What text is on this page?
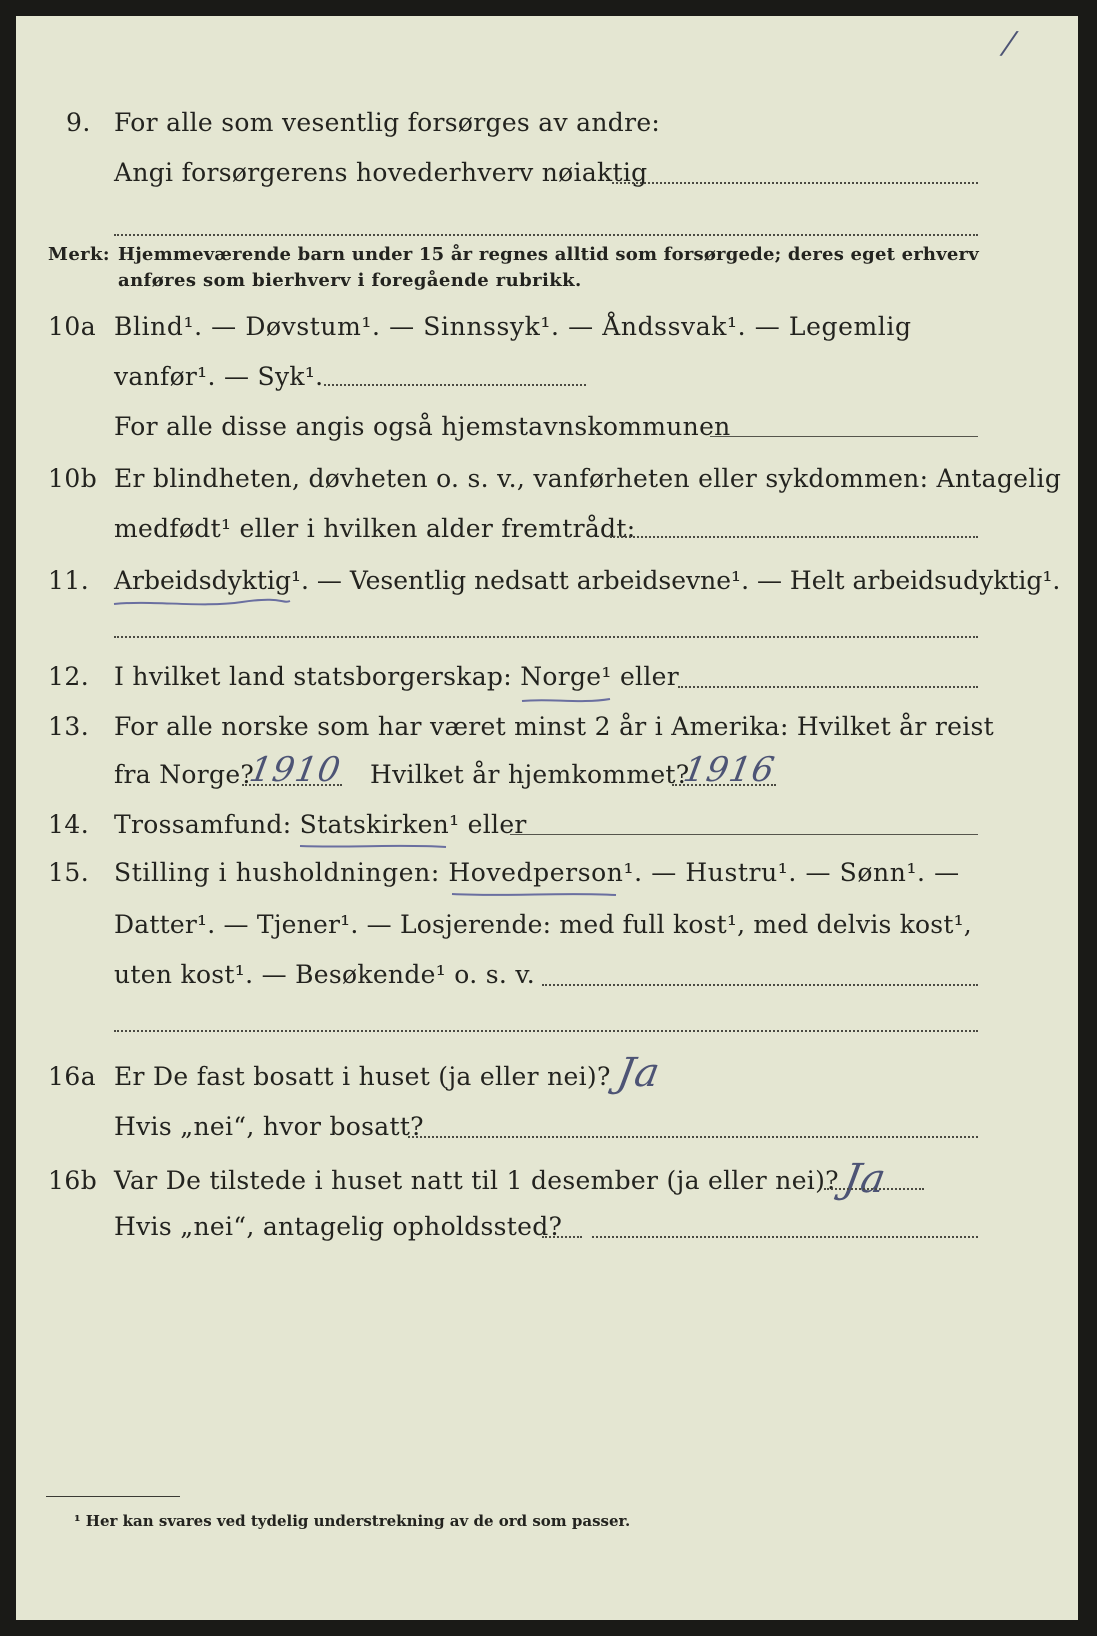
/
9. For alle som vesentlig forsørges av andre:
Angi forsørgerens hovederhverv nøiaktig
Merk: Hjemmeværende barn under 15 år regnes alltid som forsørgede; deres eget erhverv
anføres som bierhverv i foregående rubrikk.
10a Blind¹. — Døvstum¹. — Sinnssyk¹. — Åndssvak¹. — Legemlig
vanfør¹. — Syk¹.
For alle disse angis også hjemstavnskommunen
10b Er blindheten, døvheten o. s. v., vanførheten eller sykdommen: Antagelig
medfødt¹ eller i hvilken alder fremtrådt:
11. Arbeidsdyktig¹. — Vesentlig nedsatt arbeidsevne¹. — Helt arbeidsudyktig¹.
12. I hvilket land statsborgerskap: Norge¹ eller
13. For alle norske som har været minst 2 år i Amerika: Hvilket år reist
fra Norge?
1910 Hvilket år hjemkommet?
1916
14. Trossamfund: Statskirken¹ eller
15. Stilling i husholdningen: Hovedperson¹. — Hustru¹. — Sønn¹. —
Datter¹. — Tjener¹. — Losjerende: med full kost¹, med delvis kost¹,
uten kost¹. — Besøkende¹ o. s. v.
16a Er De fast bosatt i huset (ja eller nei)? Ja
Hvis „nei“, hvor bosatt?
16b Var De tilstede i huset natt til 1 desember (ja eller nei)? Ja
Hvis „nei“, antagelig opholdssted?
¹ Her kan svares ved tydelig understrekning av de ord som passer.
